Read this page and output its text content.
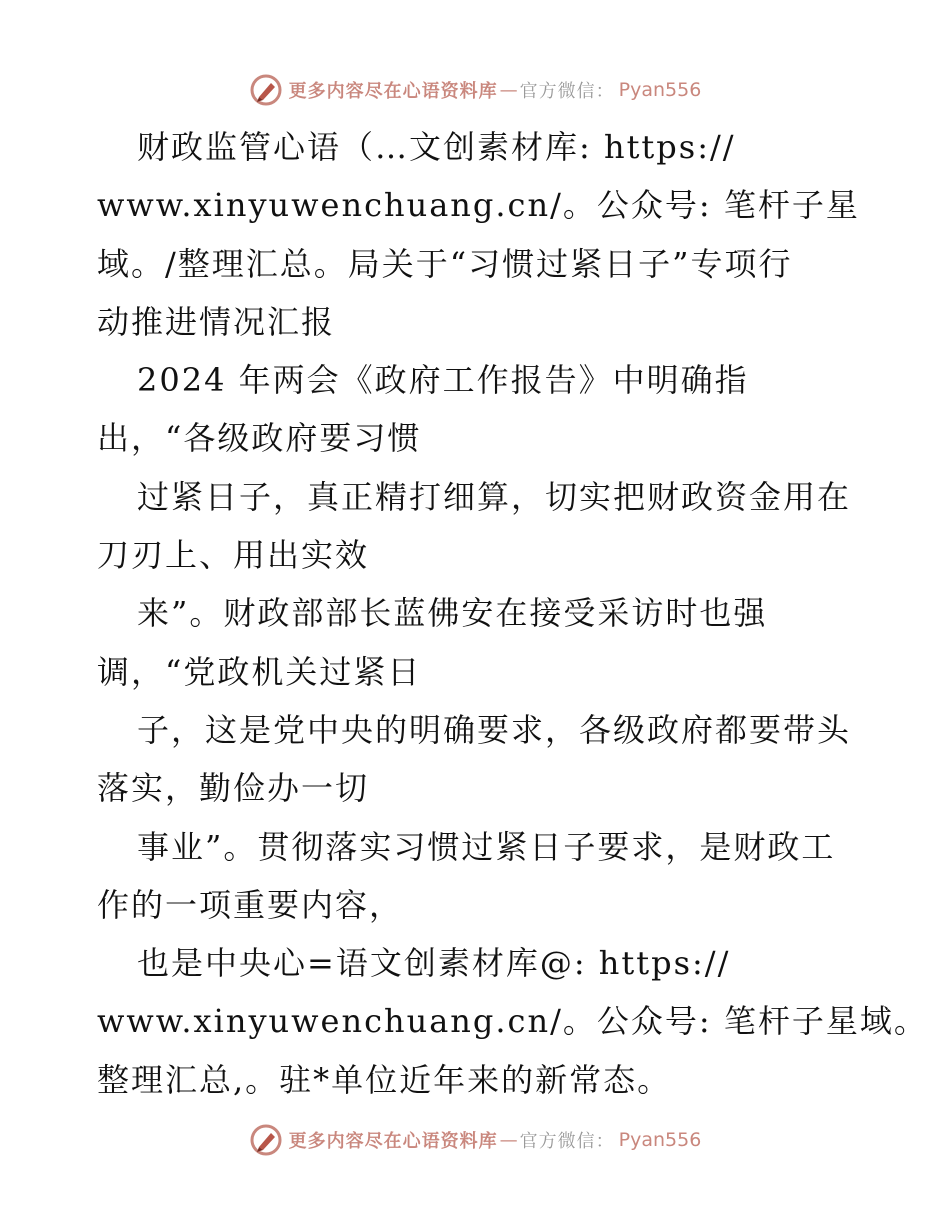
更多内容尽在心语资料库 — 官方微信： Pyan556
财政监管心语（…文创素材库: https://
www.xinyuwenchuang.cn/。公众号: 笔杆子星
域。/整理汇总。局关于“习惯过紧日子”专项行
动推进情况汇报
2024 年两会《政府工作报告》中明确指
出，“各级政府要习惯
过紧日子，真正精打细算，切实把财政资金用在
刀刃上、用出实效
来”。财政部部长蓝佛安在接受采访时也强
调，“党政机关过紧日
子，这是党中央的明确要求，各级政府都要带头
落实，勤俭办一切
事业”。贯彻落实习惯过紧日子要求，是财政工
作的一项重要内容，
也是中央心=语文创素材库@: https://
www.xinyuwenchuang.cn/。公众号: 笔杆子星域。
整理汇总,。驻*单位近年来的新常态。
更多内容尽在心语资料库 — 官方微信： Pyan556
